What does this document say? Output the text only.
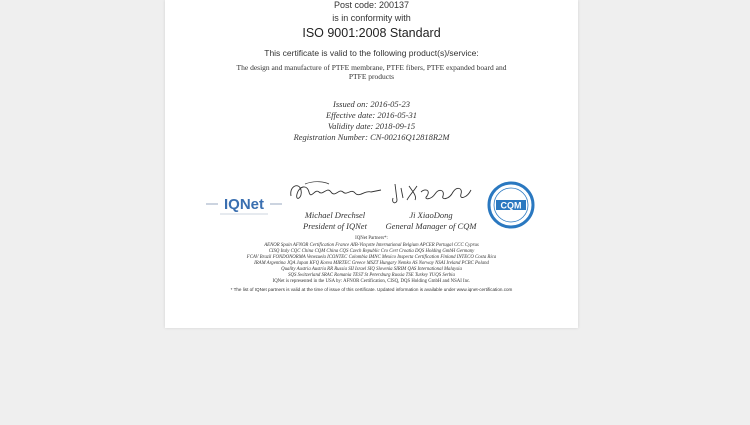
Post code: 200137
is in conformity with
ISO 9001:2008 Standard
This certificate is valid to the following product(s)/service:
The design and manufacture of PTFE membrane, PTFE fibers, PTFE expanded board and
PTFE products
Issued on: 2016-05-23
Effective date: 2016-05-31
Validity date: 2018-09-15
Registration Number: CN-00216Q12818R2M
IQNet
Michael Drechsel
President of IQNet
Ji XiaoDong
General Manager of CQM
CQM
IQNet Partners*:
AENOR Spain AFNOR Certification France AIB-Vinçotte International Belgium APCER Portugal CCC Cyprus
CISQ Italy CQC China CQM China CQS Czech Republic Cro Cert Croatia DQS Holding GmbH Germany
FCAV Brazil FONDONORMA Venezuela ICONTEC Colombia IMNC Mexico Inspecta Certification Finland INTECO Costa Rica
IRAM Argentina JQA Japan KFQ Korea MIRTEC Greece MSZT Hungary Nemko AS Norway NSAI Ireland PCBC Poland
Quality Austria Austria RR Russia SII Israel SIQ Slovenia SIRIM QAS International Malaysia
SQS Switzerland SRAC Romania TEST St Petersburg Russia TSE Turkey YUQS Serbia
IQNet is represented in the USA by: AFNOR Certification, CISQ, DQS Holding GmbH and NSAI Inc.
* The list of IQNet partners is valid at the time of issue of this certificate. Updated information is available under www.iqnet-certification.com
